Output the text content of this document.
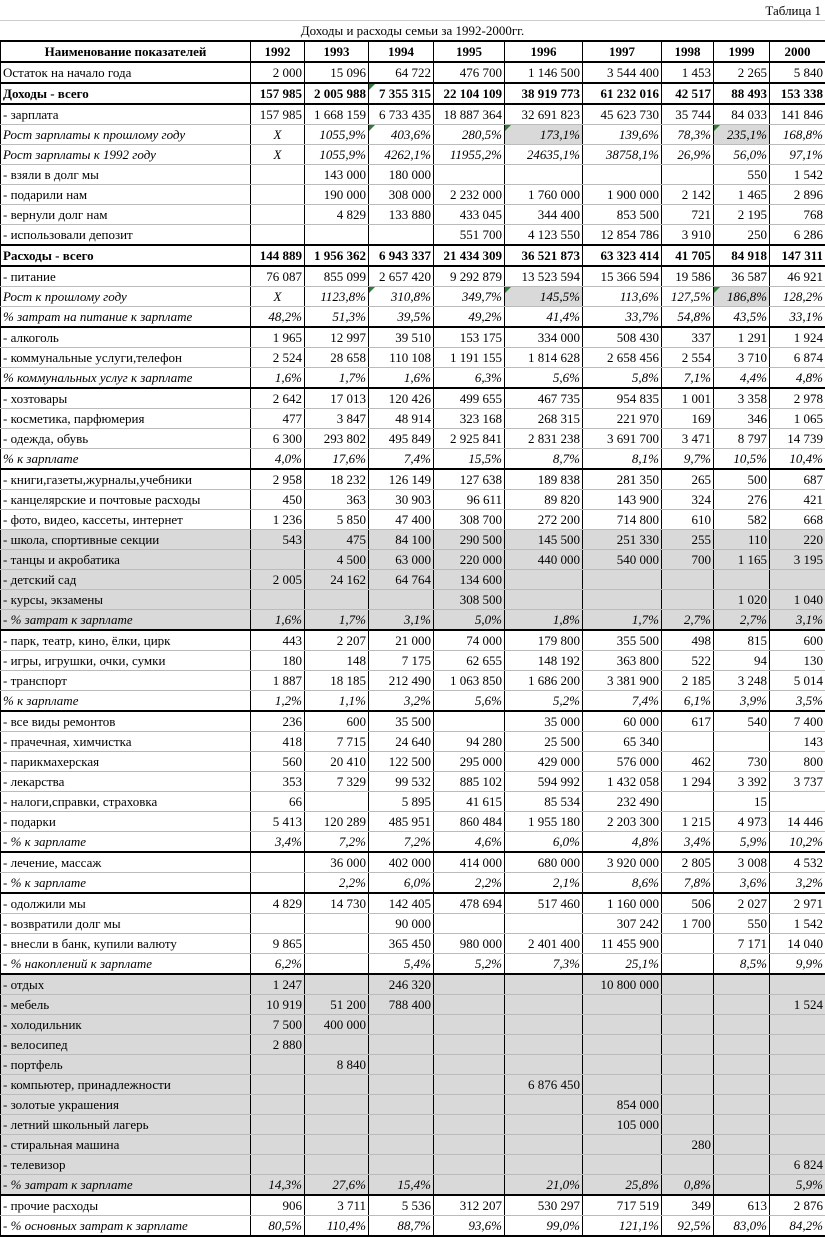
Таблица 1
Доходы и расходы семьи за 1992-2000гг.
Наименование показателей	1992	1993	1994	1995	1996	1997	1998	1999	2000
Остаток на начало года	2 000	15 096	64 722	476 700	1 146 500	3 544 400	1 453	2 265	5 840
Доходы - всего	157 985	2 005 988	7 355 315	22 104 109	38 919 773	61 232 016	42 517	88 493	153 338
- зарплата	157 985	1 668 159	6 733 435	18 887 364	32 691 823	45 623 730	35 744	84 033	141 846
Рост зарплаты к прошлому году	X	1055,9%	403,6%	280,5%	173,1%	139,6%	78,3%	235,1%	168,8%
Рост зарплаты к 1992 году	X	1055,9%	4262,1%	11955,2%	24635,1%	38758,1%	26,9%	56,0%	97,1%
- взяли в долг мы		143 000	180 000					550	1 542
- подарили нам		190 000	308 000	2 232 000	1 760 000	1 900 000	2 142	1 465	2 896
- вернули долг нам		4 829	133 880	433 045	344 400	853 500	721	2 195	768
- использовали депозит				551 700	4 123 550	12 854 786	3 910	250	6 286
Расходы - всего	144 889	1 956 362	6 943 337	21 434 309	36 521 873	63 323 414	41 705	84 918	147 311
- питание	76 087	855 099	2 657 420	9 292 879	13 523 594	15 366 594	19 586	36 587	46 921
Рост к прошлому году	X	1123,8%	310,8%	349,7%	145,5%	113,6%	127,5%	186,8%	128,2%
% затрат на питание к зарплате	48,2%	51,3%	39,5%	49,2%	41,4%	33,7%	54,8%	43,5%	33,1%
- алкоголь	1 965	12 997	39 510	153 175	334 000	508 430	337	1 291	1 924
- коммунальные услуги,телефон	2 524	28 658	110 108	1 191 155	1 814 628	2 658 456	2 554	3 710	6 874
% коммунальных услуг к зарплате	1,6%	1,7%	1,6%	6,3%	5,6%	5,8%	7,1%	4,4%	4,8%
- хозтовары	2 642	17 013	120 426	499 655	467 735	954 835	1 001	3 358	2 978
- косметика, парфюмерия	477	3 847	48 914	323 168	268 315	221 970	169	346	1 065
- одежда, обувь	6 300	293 802	495 849	2 925 841	2 831 238	3 691 700	3 471	8 797	14 739
% к зарплате	4,0%	17,6%	7,4%	15,5%	8,7%	8,1%	9,7%	10,5%	10,4%
- книги,газеты,журналы,учебники	2 958	18 232	126 149	127 638	189 838	281 350	265	500	687
- канцелярские и почтовые расходы	450	363	30 903	96 611	89 820	143 900	324	276	421
- фото, видео, кассеты, интернет	1 236	5 850	47 400	308 700	272 200	714 800	610	582	668
- школа, спортивные секции	543	475	84 100	290 500	145 500	251 330	255	110	220
- танцы и акробатика		4 500	63 000	220 000	440 000	540 000	700	1 165	3 195
- детский сад	2 005	24 162	64 764	134 600					
- курсы, экзамены				308 500				1 020	1 040
- % затрат к зарплате	1,6%	1,7%	3,1%	5,0%	1,8%	1,7%	2,7%	2,7%	3,1%
- парк, театр, кино, ёлки, цирк	443	2 207	21 000	74 000	179 800	355 500	498	815	600
- игры, игрушки, очки, сумки	180	148	7 175	62 655	148 192	363 800	522	94	130
- транспорт	1 887	18 185	212 490	1 063 850	1 686 200	3 381 900	2 185	3 248	5 014
% к зарплате	1,2%	1,1%	3,2%	5,6%	5,2%	7,4%	6,1%	3,9%	3,5%
- все виды ремонтов	236	600	35 500		35 000	60 000	617	540	7 400
- прачечная, химчистка	418	7 715	24 640	94 280	25 500	65 340			143
- парикмахерская	560	20 410	122 500	295 000	429 000	576 000	462	730	800
- лекарства	353	7 329	99 532	885 102	594 992	1 432 058	1 294	3 392	3 737
- налоги,справки, страховка	66		5 895	41 615	85 534	232 490		15	
- подарки	5 413	120 289	485 951	860 484	1 955 180	2 203 300	1 215	4 973	14 446
- % к зарплате	3,4%	7,2%	7,2%	4,6%	6,0%	4,8%	3,4%	5,9%	10,2%
- лечение, массаж		36 000	402 000	414 000	680 000	3 920 000	2 805	3 008	4 532
- % к зарплате		2,2%	6,0%	2,2%	2,1%	8,6%	7,8%	3,6%	3,2%
- одолжили мы	4 829	14 730	142 405	478 694	517 460	1 160 000	506	2 027	2 971
- возвратили долг мы			90 000			307 242	1 700	550	1 542
- внесли в банк, купили валюту	9 865		365 450	980 000	2 401 400	11 455 900		7 171	14 040
- % накоплений к зарплате	6,2%		5,4%	5,2%	7,3%	25,1%		8,5%	9,9%
- отдых	1 247		246 320			10 800 000			
- мебель	10 919	51 200	788 400						1 524
- холодильник	7 500	400 000							
- велосипед	2 880								
- портфель		8 840							
- компьютер, принадлежности					6 876 450				
- золотые украшения						854 000			
- летний школьный лагерь						105 000			
- стиральная машина							280		
- телевизор									6 824
- % затрат к зарплате	14,3%	27,6%	15,4%		21,0%	25,8%	0,8%		5,9%
- прочие расходы	906	3 711	5 536	312 207	530 297	717 519	349	613	2 876
- % основных затрат к зарплате	80,5%	110,4%	88,7%	93,6%	99,0%	121,1%	92,5%	83,0%	84,2%
